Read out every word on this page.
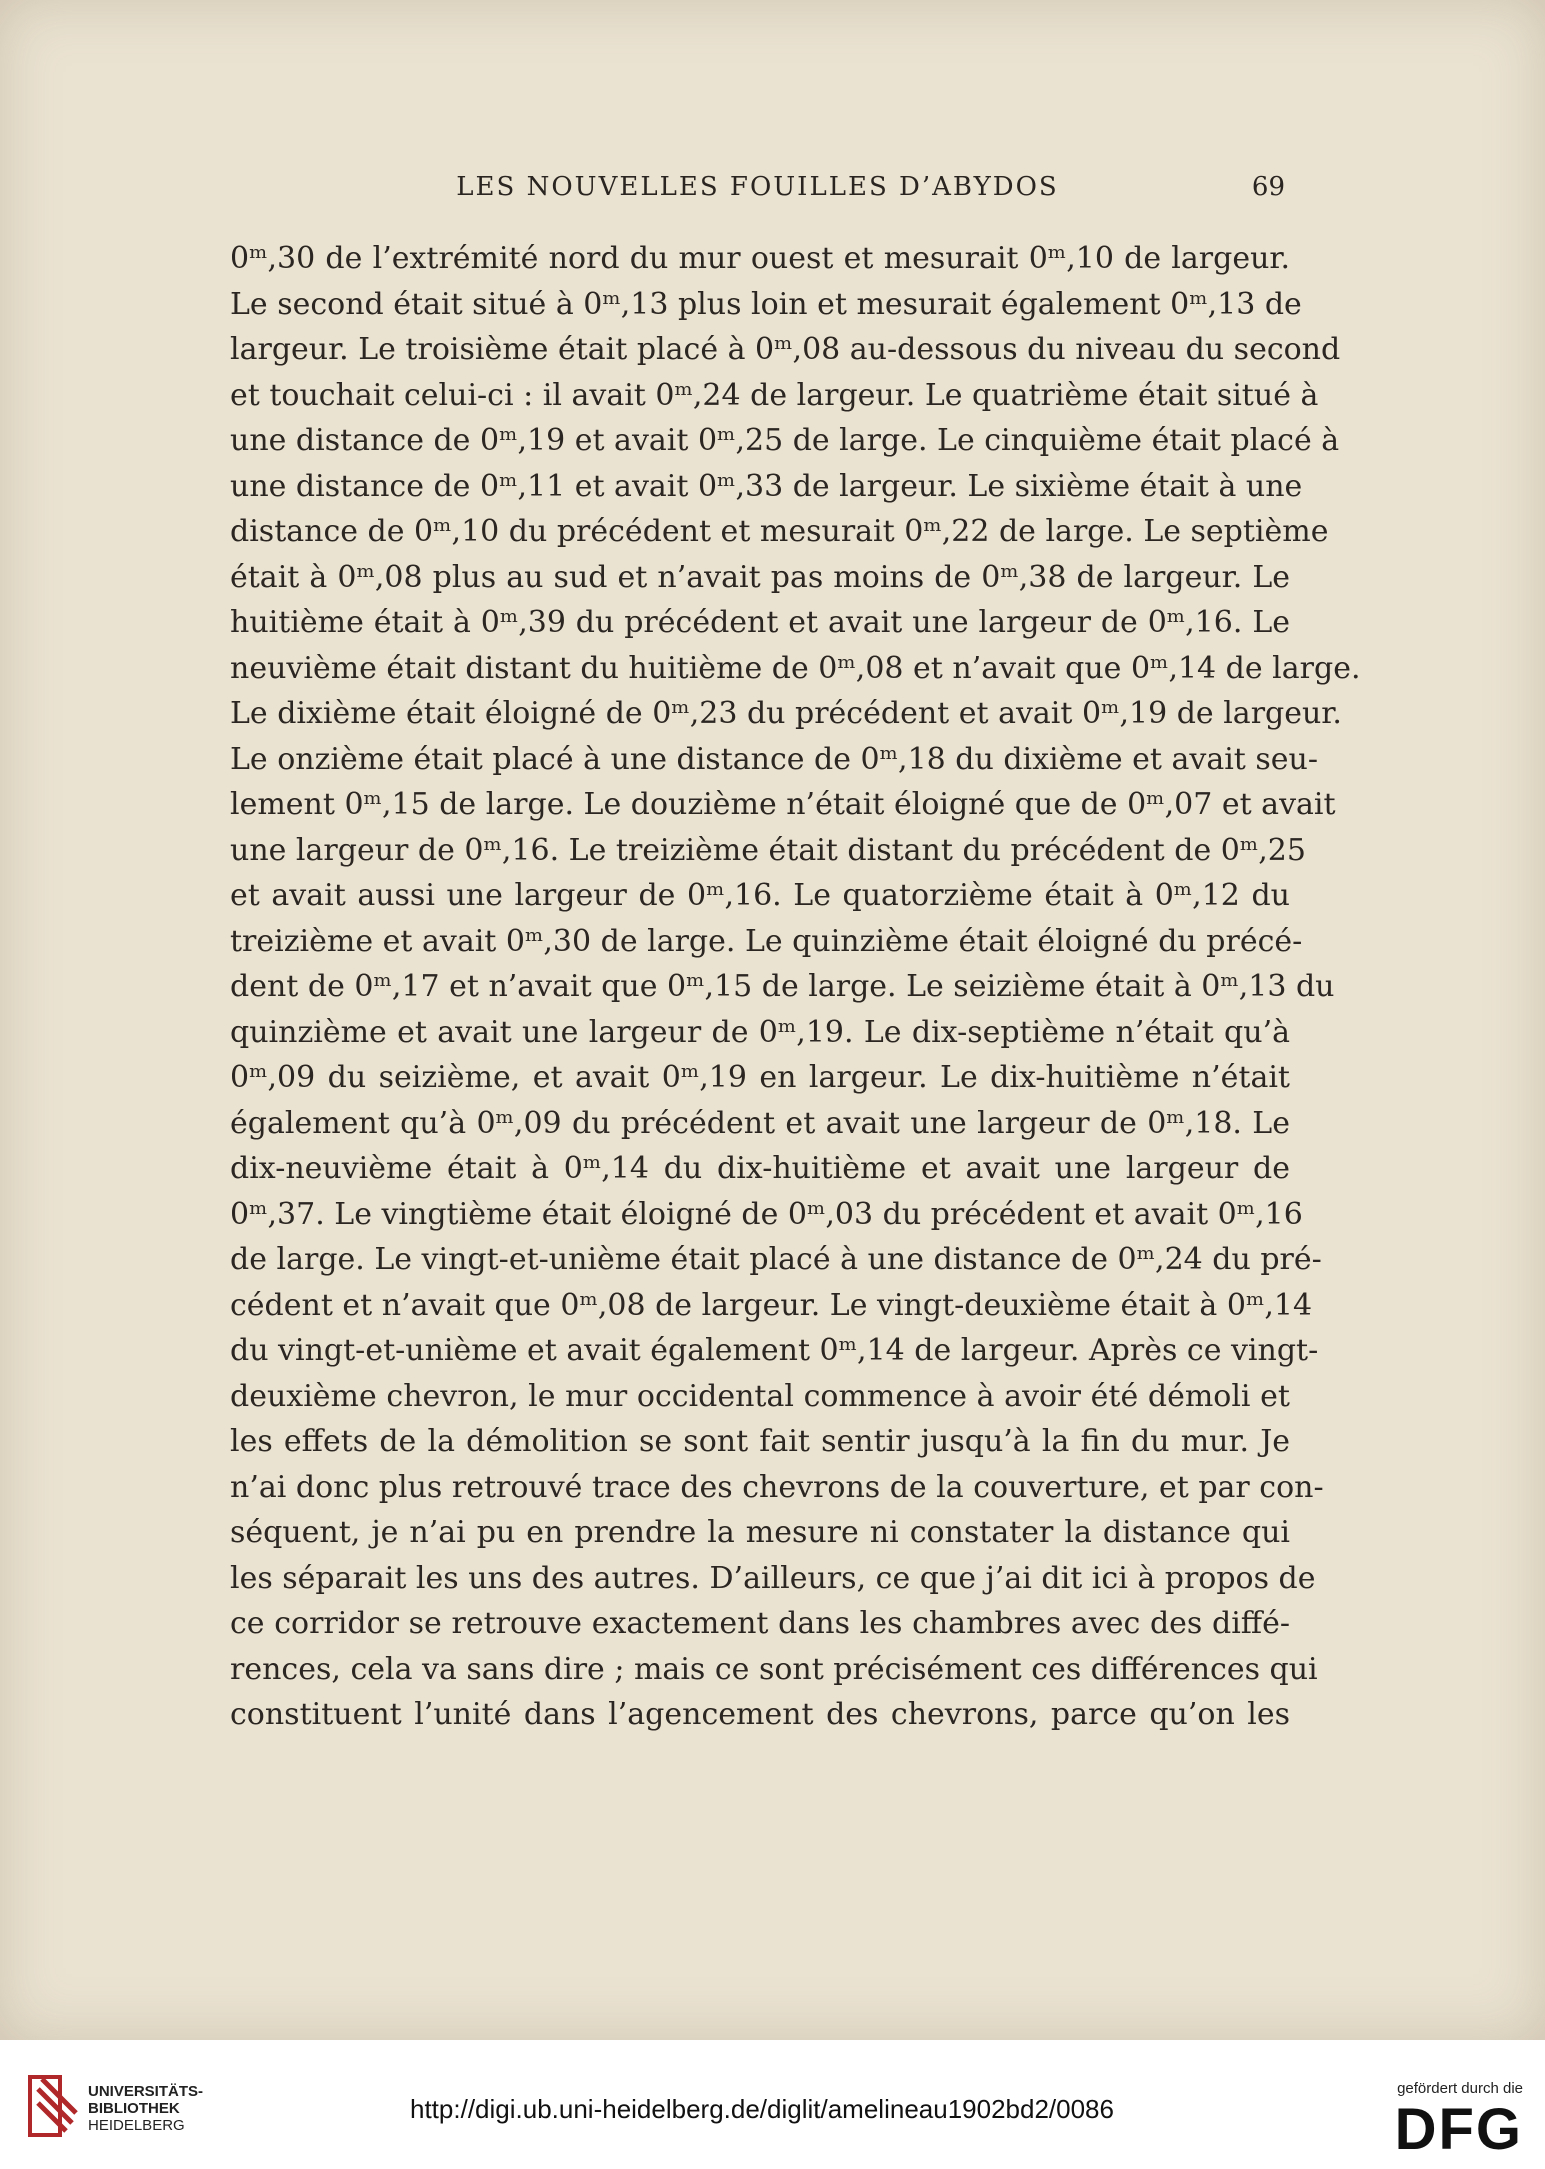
LES NOUVELLES FOUILLES D’ABYDOS	69
0ᵐ,30 de l’extrémité nord du mur ouest et mesurait 0ᵐ,10 de largeur.
Le second était situé à 0ᵐ,13 plus loin et mesurait également 0ᵐ,13 de
largeur. Le troisième était placé à 0ᵐ,08 au-dessous du niveau du second
et touchait celui-ci : il avait 0ᵐ,24 de largeur. Le quatrième était situé à
une distance de 0ᵐ,19 et avait 0ᵐ,25 de large. Le cinquième était placé à
une distance de 0ᵐ,11 et avait 0ᵐ,33 de largeur. Le sixième était à une
distance de 0ᵐ,10 du précédent et mesurait 0ᵐ,22 de large. Le septième
était à 0ᵐ,08 plus au sud et n’avait pas moins de 0ᵐ,38 de largeur. Le
huitième était à 0ᵐ,39 du précédent et avait une largeur de 0ᵐ,16. Le
neuvième était distant du huitième de 0ᵐ,08 et n’avait que 0ᵐ,14 de large.
Le dixième était éloigné de 0ᵐ,23 du précédent et avait 0ᵐ,19 de largeur.
Le onzième était placé à une distance de 0ᵐ,18 du dixième et avait seu-
lement 0ᵐ,15 de large. Le douzième n’était éloigné que de 0ᵐ,07 et avait
une largeur de 0ᵐ,16. Le treizième était distant du précédent de 0ᵐ,25
et avait aussi une largeur de 0ᵐ,16. Le quatorzième était à 0ᵐ,12 du
treizième et avait 0ᵐ,30 de large. Le quinzième était éloigné du précé-
dent de 0ᵐ,17 et n’avait que 0ᵐ,15 de large. Le seizième était à 0ᵐ,13 du
quinzième et avait une largeur de 0ᵐ,19. Le dix-septième n’était qu’à
0ᵐ,09 du seizième, et avait 0ᵐ,19 en largeur. Le dix-huitième n’était
également qu’à 0ᵐ,09 du précédent et avait une largeur de 0ᵐ,18. Le
dix-neuvième était à 0ᵐ,14 du dix-huitième et avait une largeur de
0ᵐ,37. Le vingtième était éloigné de 0ᵐ,03 du précédent et avait 0ᵐ,16
de large. Le vingt-et-unième était placé à une distance de 0ᵐ,24 du pré-
cédent et n’avait que 0ᵐ,08 de largeur. Le vingt-deuxième était à 0ᵐ,14
du vingt-et-unième et avait également 0ᵐ,14 de largeur. Après ce vingt-
deuxième chevron, le mur occidental commence à avoir été démoli et
les effets de la démolition se sont fait sentir jusqu’à la fin du mur. Je
n’ai donc plus retrouvé trace des chevrons de la couverture, et par con-
séquent, je n’ai pu en prendre la mesure ni constater la distance qui
les séparait les uns des autres. D’ailleurs, ce que j’ai dit ici à propos de
ce corridor se retrouve exactement dans les chambres avec des diffé-
rences, cela va sans dire ; mais ce sont précisément ces différences qui
constituent l’unité dans l’agencement des chevrons, parce qu’on les
UNIVERSITÄTS-
BIBLIOTHEK
HEIDELBERG
http://digi.ub.uni-heidelberg.de/diglit/amelineau1902bd2/0086
gefördert durch die
DFG
